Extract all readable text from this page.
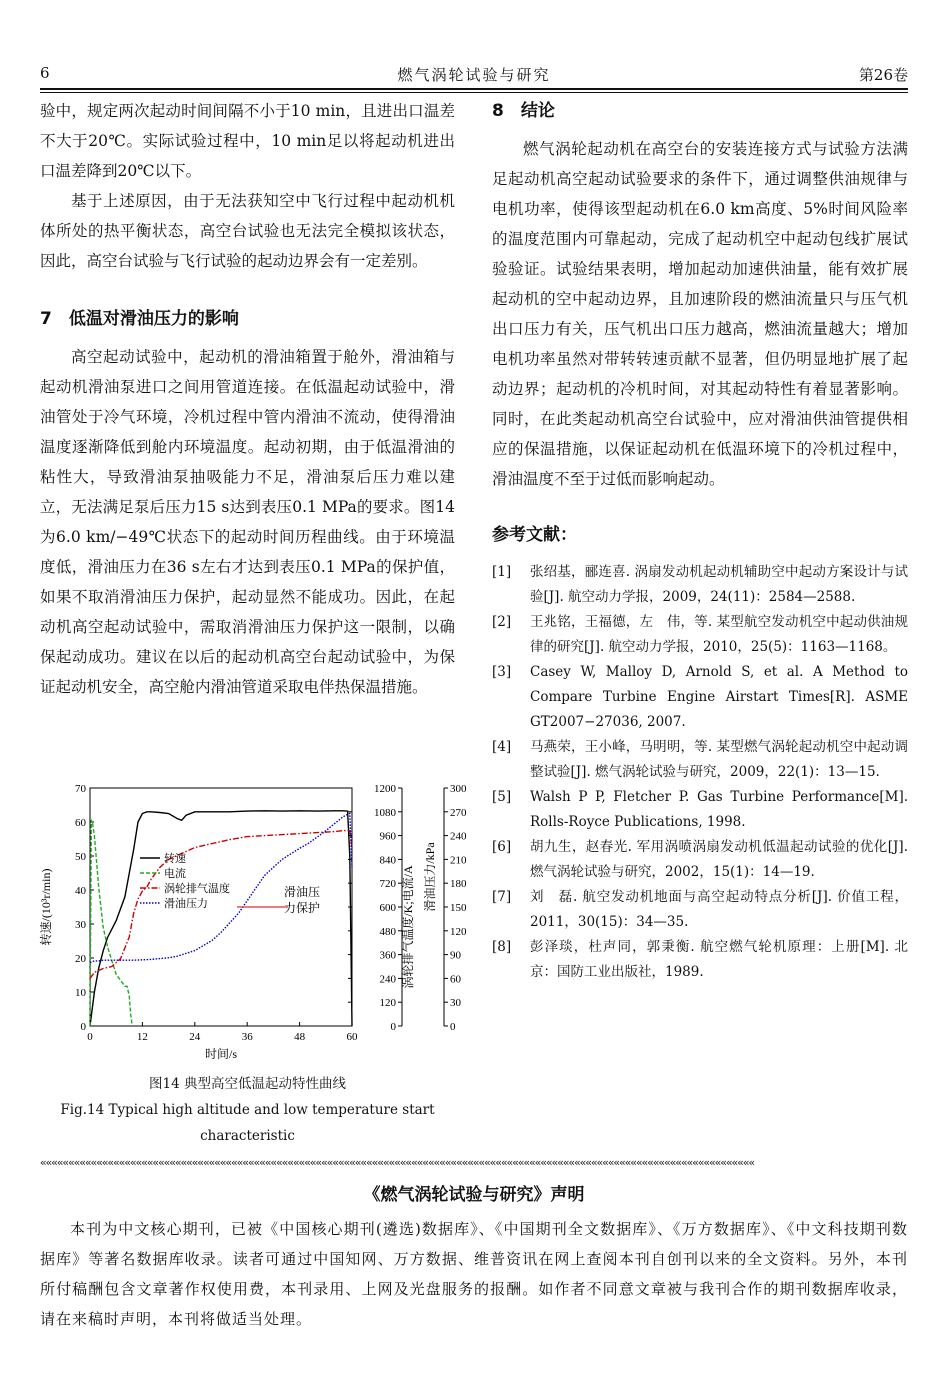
6	燃气涡轮试验与研究	第26卷

验中，规定两次起动时间间隔不小于10 min，且进出口温差不大于20℃。实际试验过程中，10 min足以将起动机进出口温差降到20℃以下。

基于上述原因，由于无法获知空中飞行过程中起动机机体所处的热平衡状态，高空台试验也无法完全模拟该状态，因此，高空台试验与飞行试验的起动边界会有一定差别。

7　低温对滑油压力的影响

高空起动试验中，起动机的滑油箱置于舱外，滑油箱与起动机滑油泵进口之间用管道连接。在低温起动试验中，滑油管处于冷气环境，冷机过程中管内滑油不流动，使得滑油温度逐渐降低到舱内环境温度。起动初期，由于低温滑油的粘性大，导致滑油泵抽吸能力不足，滑油泵后压力难以建立，无法满足泵后压力15 s达到表压0.1 MPa的要求。图14为6.0 km/−49℃状态下的起动时间历程曲线。由于环境温度低，滑油压力在36 s左右才达到表压0.1 MPa的保护值，如果不取消滑油压力保护，起动显然不能成功。因此，在起动机高空起动试验中，需取消滑油压力保护这一限制，以确保起动成功。建议在以后的起动机高空台起动试验中，为保证起动机安全，高空舱内滑油管道采取电伴热保温措施。

0	12	24	36	48	60
0
10
20
30
40
50
60
70
0
120
240
360
480
600
720
840
960
1080
1200
0
30
60
90
120
150
180
210
240
270
300
时间/s
转速/(10³r/min)	涡轮排气温度/K;电流/A 滑油压力/kPa
转速
电流
涡轮排气温度
滑油压力
滑油压
力保护
图14 典型高空低温起动特性曲线
Fig.14 Typical high altitude and low temperature start
characteristic
8　结论

燃气涡轮起动机在高空台的安装连接方式与试验方法满足起动机高空起动试验要求的条件下，通过调整供油规律与电机功率，使得该型起动机在6.0 km高度、5%时间风险率的温度范围内可靠起动，完成了起动机空中起动包线扩展试验验证。试验结果表明，增加起动加速供油量，能有效扩展起动机的空中起动边界，且加速阶段的燃油流量只与压气机出口压力有关，压气机出口压力越高，燃油流量越大；增加电机功率虽然对带转转速贡献不显著，但仍明显地扩展了起动边界；起动机的冷机时间，对其起动特性有着显著影响。同时，在此类起动机高空台试验中，应对滑油供油管提供相应的保温措施，以保证起动机在低温环境下的冷机过程中，滑油温度不至于过低而影响起动。

参考文献：
[1] 张绍基，郦连喜. 涡扇发动机起动机辅助空中起动方案设计与试验[J]. 航空动力学报，2009，24(11)：2584—2588.
[2] 王兆铭，王福德，左　伟，等. 某型航空发动机空中起动供油规律的研究[J]. 航空动力学报，2010，25(5)：1163—1168。
[3] Casey W, Malloy D, Arnold S, et al. A Method to Compare Turbine Engine Airstart Times[R]. ASME GT2007−27036, 2007.
[4] 马燕荣，王小峰，马明明，等. 某型燃气涡轮起动机空中起动调整试验[J]. 燃气涡轮试验与研究，2009，22(1)：13—15.
[5] Walsh P P, Fletcher P. Gas Turbine Performance[M]. Rolls-Royce Publications, 1998.
[6] 胡九生，赵春光. 军用涡喷涡扇发动机低温起动试验的优化[J]. 燃气涡轮试验与研究，2002，15(1)：14—19.
[7] 刘　磊. 航空发动机地面与高空起动特点分析[J]. 价值工程，2011，30(15)：34—35.
[8] 彭泽琰，杜声同，郭秉衡. 航空燃气轮机原理：上册[M]. 北京：国防工业出版社，1989.
«««««««««««««««««««««««««««««««««««««««««««««««««««««««««««««««««««««««««««««««««««««««««««««««««««««««««««««««««««««««««««««««
《燃气涡轮试验与研究》声明
本刊为中文核心期刊，已被《中国核心期刊(遴选)数据库》、《中国期刊全文数据库》、《万方数据库》、《中文科技期刊数据库》等著名数据库收录。读者可通过中国知网、万方数据、维普资讯在网上查阅本刊自创刊以来的全文资料。另外，本刊所付稿酬包含文章著作权使用费，本刊录用、上网及光盘服务的报酬。如作者不同意文章被与我刊合作的期刊数据库收录，请在来稿时声明，本刊将做适当处理。
